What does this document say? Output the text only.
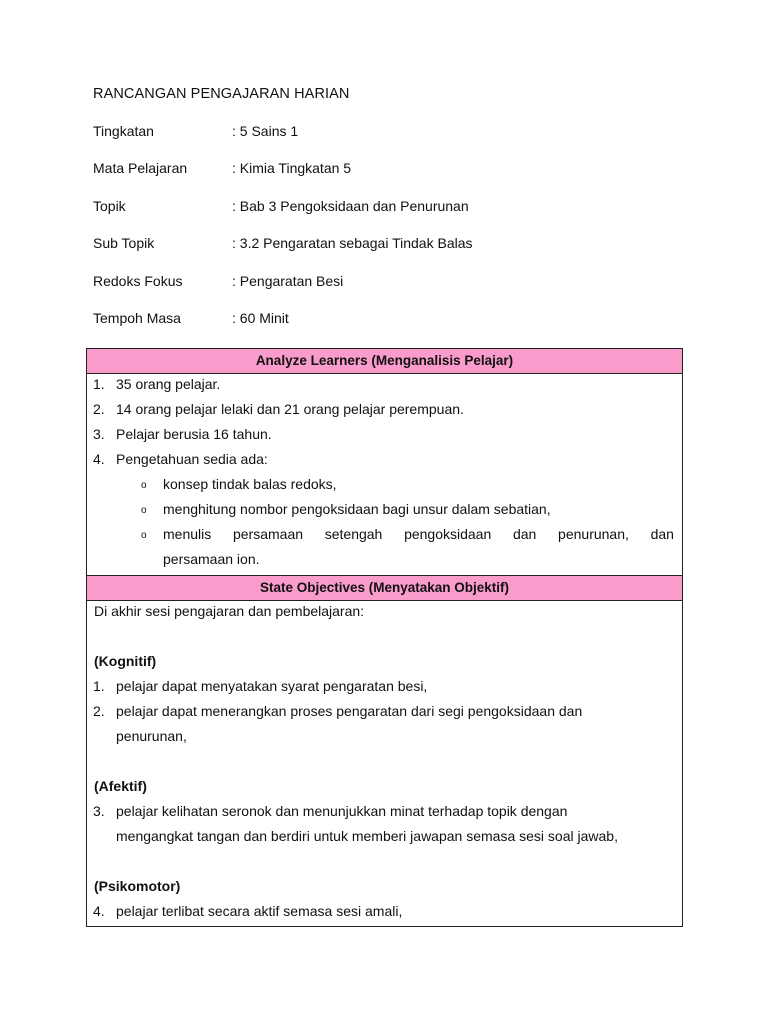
RANCANGAN PENGAJARAN HARIAN
Tingkatan	: 5 Sains 1
Mata Pelajaran	: Kimia Tingkatan 5
Topik	: Bab 3 Pengoksidaan dan Penurunan
Sub Topik	: 3.2 Pengaratan sebagai Tindak Balas
Redoks Fokus	: Pengaratan Besi
Tempoh Masa	: 60 Minit
Analyze Learners (Menganalisis Pelajar)
1. 35 orang pelajar.
2. 14 orang pelajar lelaki dan 21 orang pelajar perempuan.
3. Pelajar berusia 16 tahun.
4. Pengetahuan sedia ada:
o konsep tindak balas redoks,
o menghitung nombor pengoksidaan bagi unsur dalam sebatian,
o menulis persamaan setengah pengoksidaan dan penurunan, dan
persamaan ion.
State Objectives (Menyatakan Objektif)
Di akhir sesi pengajaran dan pembelajaran:
(Kognitif)
1. pelajar dapat menyatakan syarat pengaratan besi,
2. pelajar dapat menerangkan proses pengaratan dari segi pengoksidaan dan
penurunan,
(Afektif)
3. pelajar kelihatan seronok dan menunjukkan minat terhadap topik dengan
mengangkat tangan dan berdiri untuk memberi jawapan semasa sesi soal jawab,
(Psikomotor)
4. pelajar terlibat secara aktif semasa sesi amali,
